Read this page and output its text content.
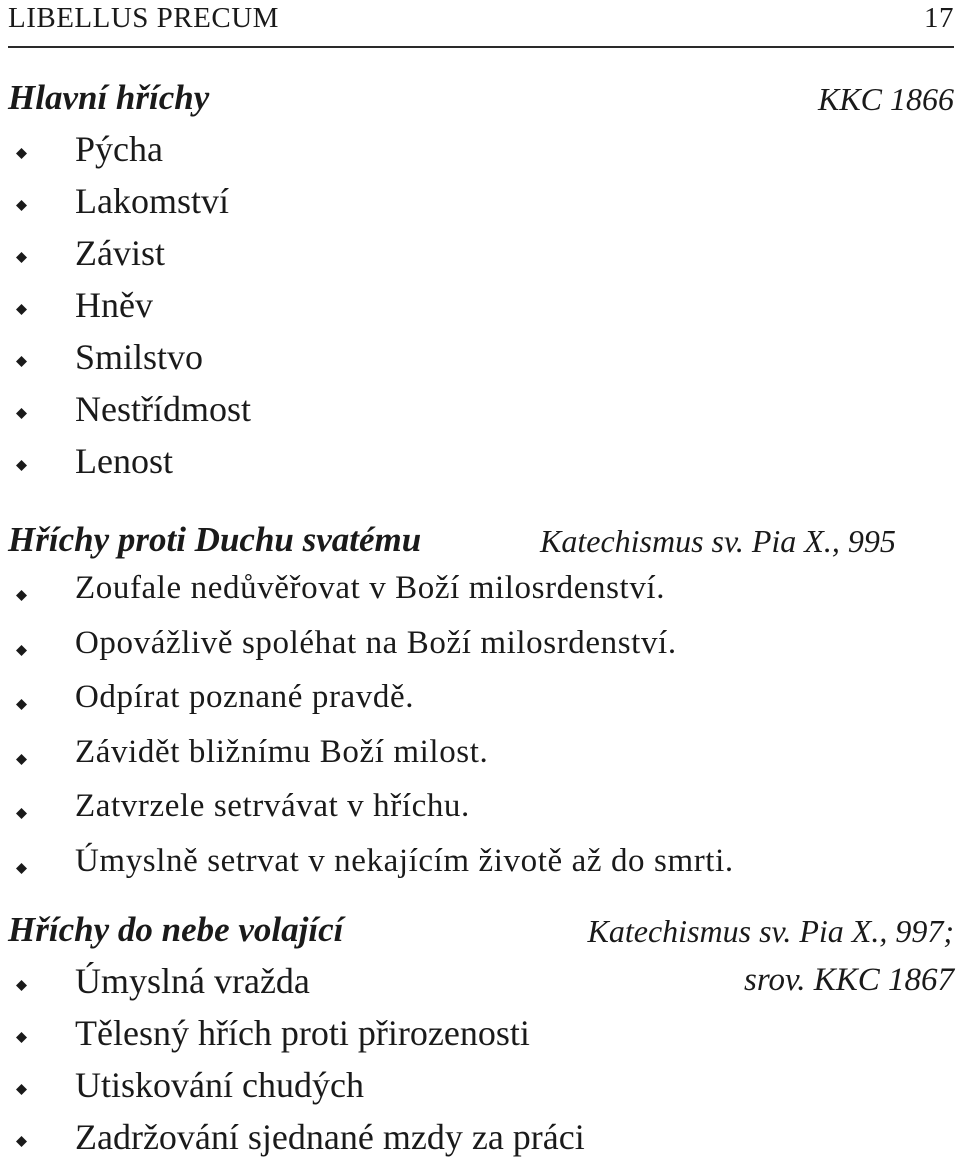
LIBELLUS PRECUM	17
Hlavní hříchy	KKC 1866
Pýcha
Lakomství
Závist
Hněv
Smilstvo
Nestřídmost
Lenost
Hříchy proti Duchu svatému	Katechismus sv. Pia X., 995
Zoufale nedůvěřovat v Boží milosrdenství.
Opovážlivě spoléhat na Boží milosrdenství.
Odpírat poznané pravdě.
Závidět bližnímu Boží milost.
Zatvrzele setrvávat v hříchu.
Úmyslně setrvat v nekajícím životě až do smrti.
Hříchy do nebe volající	Katechismus sv. Pia X., 997;
Úmyslná vražda	srov. KKC 1867
Tělesný hřích proti přirozenosti
Utiskování chudých
Zadržování sjednané mzdy za práci
